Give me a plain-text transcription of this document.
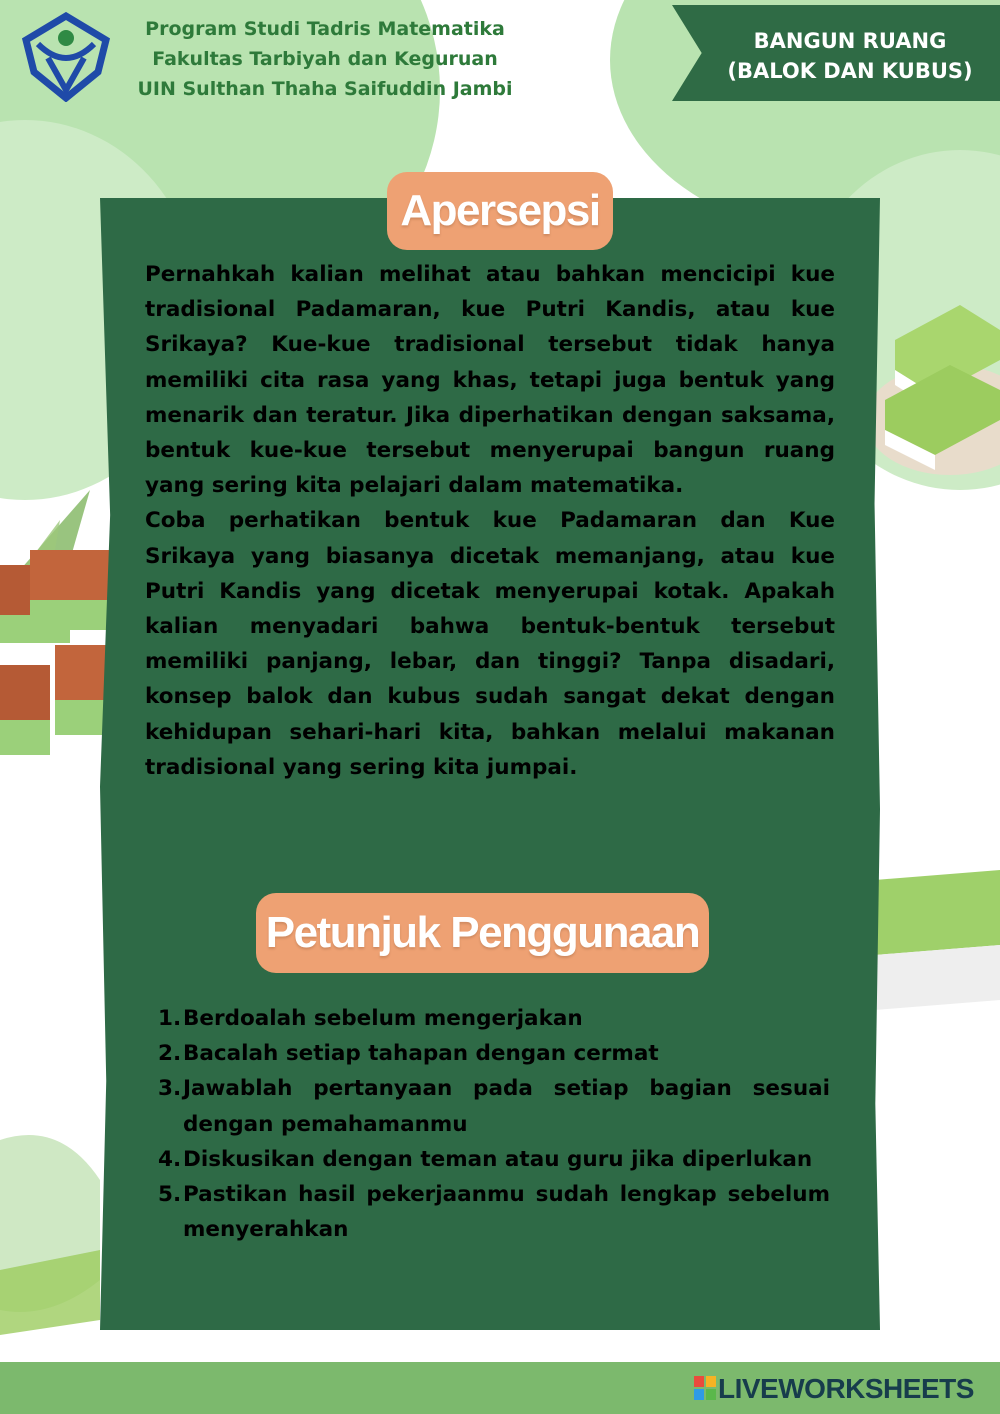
Program Studi Tadris Matematika
Fakultas Tarbiyah dan Keguruan
UIN Sulthan Thaha Saifuddin Jambi
BANGUN RUANG
(BALOK DAN KUBUS)
Apersepsi

Pernahkah kalian melihat atau bahkan mencicipi kue tradisional Padamaran, kue Putri Kandis, atau kue Srikaya? Kue-kue tradisional tersebut tidak hanya memiliki cita rasa yang khas, tetapi juga bentuk yang menarik dan teratur. Jika diperhatikan dengan saksama, bentuk kue-kue tersebut menyerupai bangun ruang yang sering kita pelajari dalam matematika.

Coba perhatikan bentuk kue Padamaran dan Kue Srikaya yang biasanya dicetak memanjang, atau kue Putri Kandis yang dicetak menyerupai kotak. Apakah kalian menyadari bahwa bentuk-bentuk tersebut memiliki panjang, lebar, dan tinggi? Tanpa disadari, konsep balok dan kubus sudah sangat dekat dengan kehidupan sehari-hari kita, bahkan melalui makanan tradisional yang sering kita jumpai.

Petunjuk Penggunaan
1. Berdoalah sebelum mengerjakan
2. Bacalah setiap tahapan dengan cermat
3. Jawablah pertanyaan pada setiap bagian sesuai dengan pemahamanmu
4. Diskusikan dengan teman atau guru jika diperlukan
5. Pastikan hasil pekerjaanmu sudah lengkap sebelum menyerahkan
LIVEWORKSHEETS
